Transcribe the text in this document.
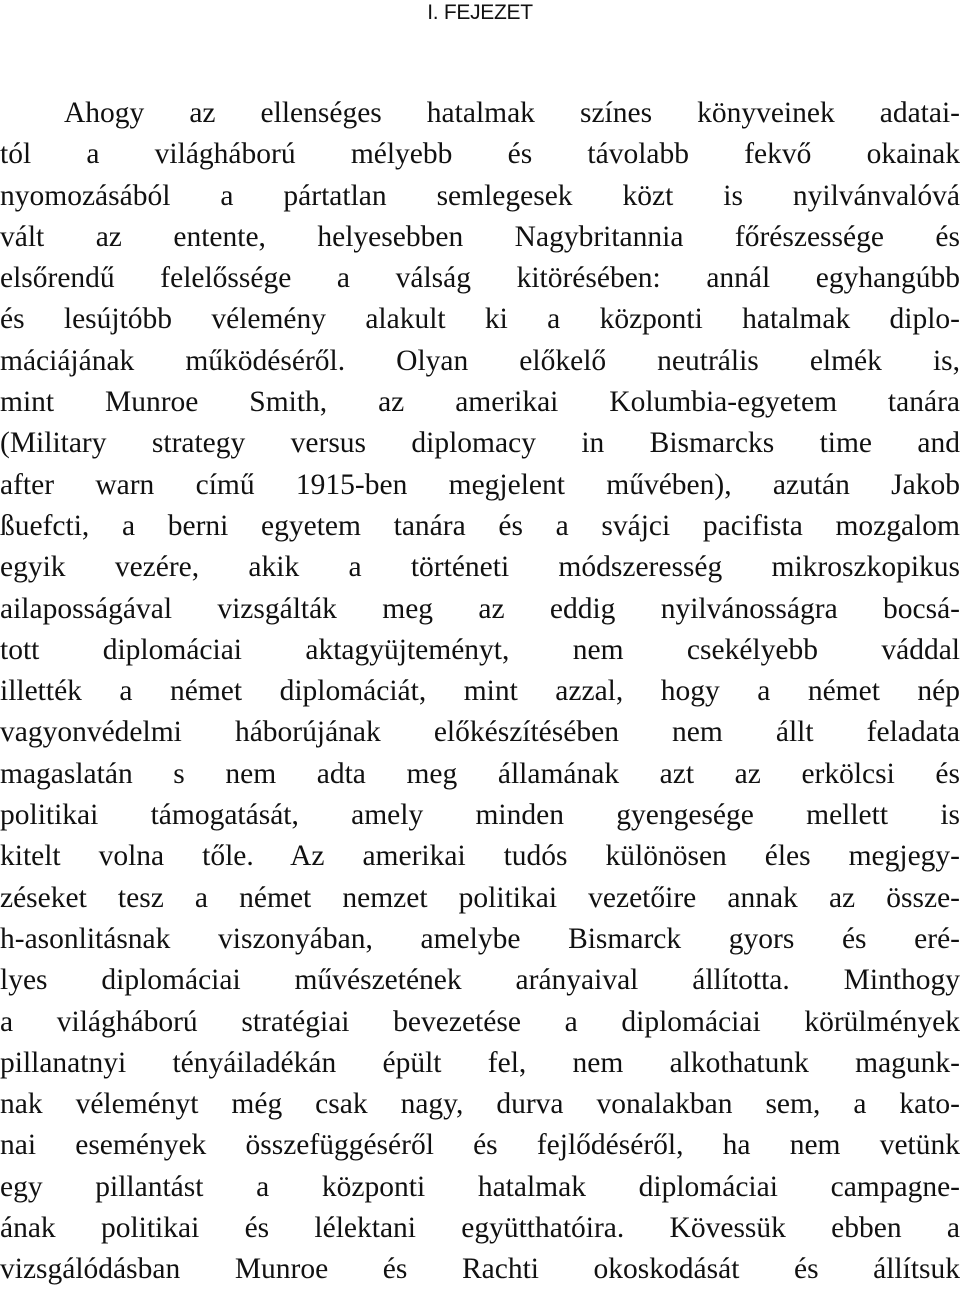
I. FEJEZET
Ahogy az ellenséges hatalmak színes könyveinek adatai-
tól a világháború mélyebb és távolabb fekvő okainak
nyomozásából a pártatlan semlegesek közt is nyilvánvalóvá
vált az entente, helyesebben Nagybritannia főrészessége és
elsőrendű felelőssége a válság kitörésében: annál egyhangúbb
és lesújtóbb vélemény alakult ki a központi hatalmak diplo-
máciájának működéséről. Olyan előkelő neutrális elmék is,
mint Munroe Smith, az amerikai Kolumbia-egyetem tanára
(Military strategy versus diplomacy in Bismarcks time and
after warn című 1915-ben megjelent művében), azután Jakob
ßuefcti, a berni egyetem tanára és a svájci pacifista mozgalom
egyik vezére, akik a történeti módszeresség mikroszkopikus
ailaposságával vizsgálták meg az eddig nyilvánosságra bocsá-
tott diplomáciai aktagyüjteményt, nem csekélyebb váddal
illették a német diplomáciát, mint azzal, hogy a német nép
vagyonvédelmi háborújának előkészítésében nem állt feladata
magaslatán s nem adta meg államának azt az erkölcsi és
politikai támogatását, amely minden gyengesége mellett is
kitelt volna tőle. Az amerikai tudós különösen éles megjegy-
zéseket tesz a német nemzet politikai vezetőire annak az össze-
h-asonlitásnak viszonyában, amelybe Bismarck gyors és eré-
lyes diplomáciai művészetének arányaival állította. Minthogy
a világháború stratégiai bevezetése a diplomáciai körülmények
pillanatnyi tényáiladékán épült fel, nem alkothatunk magunk-
nak véleményt még csak nagy, durva vonalakban sem, a kato-
nai események összefüggéséről és fejlődéséről, ha nem vetünk
egy pillantást a központi hatalmak diplomáciai campagne-
ának politikai és lélektani együtthatóira. Kövessük ebben a
vizsgálódásban Munroe és Rachti okoskodását és állítsuk
